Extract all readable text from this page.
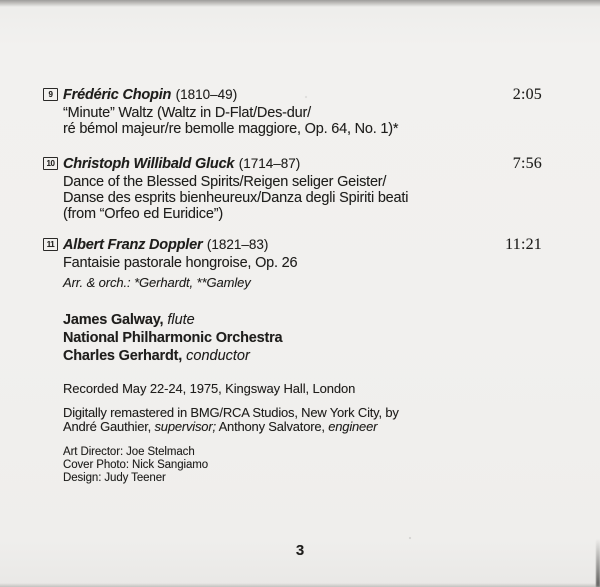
9 Frédéric Chopin (1810–49)	2:05
“Minute” Waltz (Waltz in D-Flat/Des-dur/
ré bémol majeur/re bemolle maggiore, Op. 64, No. 1)*
10 Christoph Willibald Gluck (1714–87)	7:56
Dance of the Blessed Spirits/Reigen seliger Geister/
Danse des esprits bienheureux/Danza degli Spiriti beati
(from “Orfeo ed Euridice”)
11 Albert Franz Doppler (1821–83)	11:21
Fantaisie pastorale hongroise, Op. 26
Arr. & orch.: *Gerhardt, **Gamley
James Galway, flute
National Philharmonic Orchestra
Charles Gerhardt, conductor
Recorded May 22-24, 1975, Kingsway Hall, London
Digitally remastered in BMG/RCA Studios, New York City, by
André Gauthier, supervisor; Anthony Salvatore, engineer
Art Director: Joe Stelmach
Cover Photo: Nick Sangiamo
Design: Judy Teener
3
